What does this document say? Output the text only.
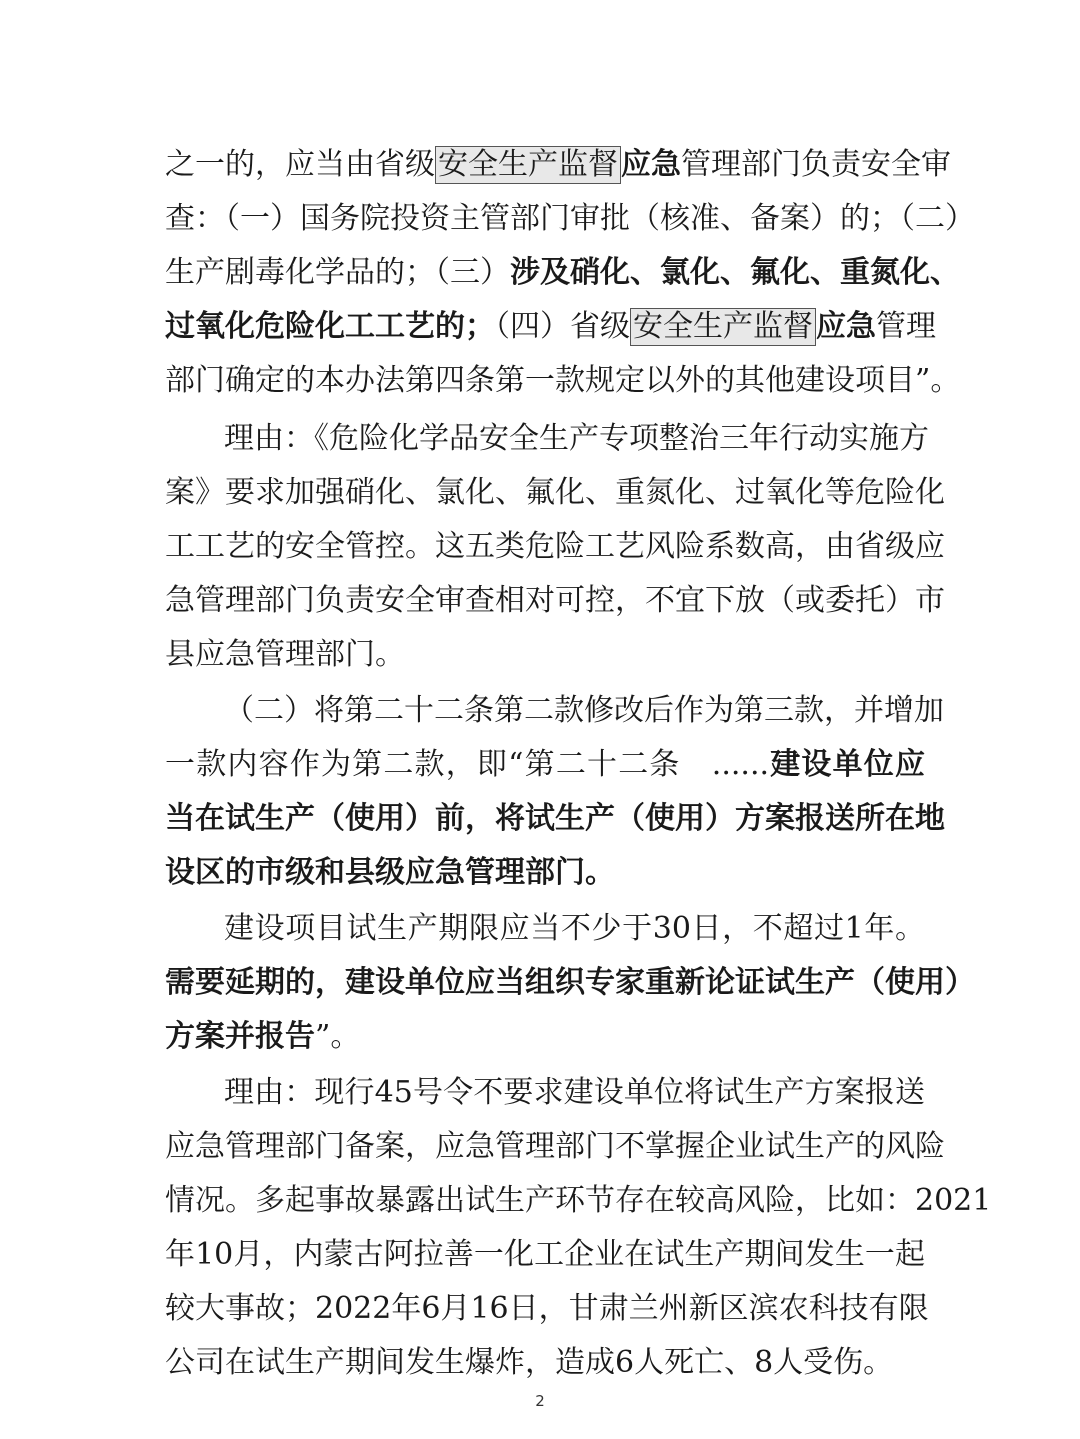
之一的，应当由省级 安全生产监督 应急管理部门负责安全审
查：（一）国务院投资主管部门审批（核准、备案）的；（二）
生产剧毒化学品的；（三）涉及硝化、氯化、氟化、重氮化、
过氧化危险化工工艺的；（四）省级 安全生产监督 应急管理
部门确定的本办法第四条第一款规定以外的其他建设项目”。
理由：《危险化学品安全生产专项整治三年行动实施方
案》要求加强硝化、氯化、氟化、重氮化、过氧化等危险化
工工艺的安全管控。这五类危险工艺风险系数高，由省级应
急管理部门负责安全审查相对可控，不宜下放（或委托）市
县应急管理部门。
（二）将第二十二条第二款修改后作为第三款，并增加
一款内容作为第二款，即“第二十二条　......建设单位应
当在试生产（使用）前，将试生产（使用）方案报送所在地
设区的市级和县级应急管理部门。
建设项目试生产期限应当不少于30日，不超过1年。
需要延期的，建设单位应当组织专家重新论证试生产（使用）
方案并报告”。
理由：现行45号令不要求建设单位将试生产方案报送
应急管理部门备案，应急管理部门不掌握企业试生产的风险
情况。多起事故暴露出试生产环节存在较高风险，比如：2021
年10月，内蒙古阿拉善一化工企业在试生产期间发生一起
较大事故；2022年6月16日，甘肃兰州新区滨农科技有限
公司在试生产期间发生爆炸，造成6人死亡、8人受伤。
2
